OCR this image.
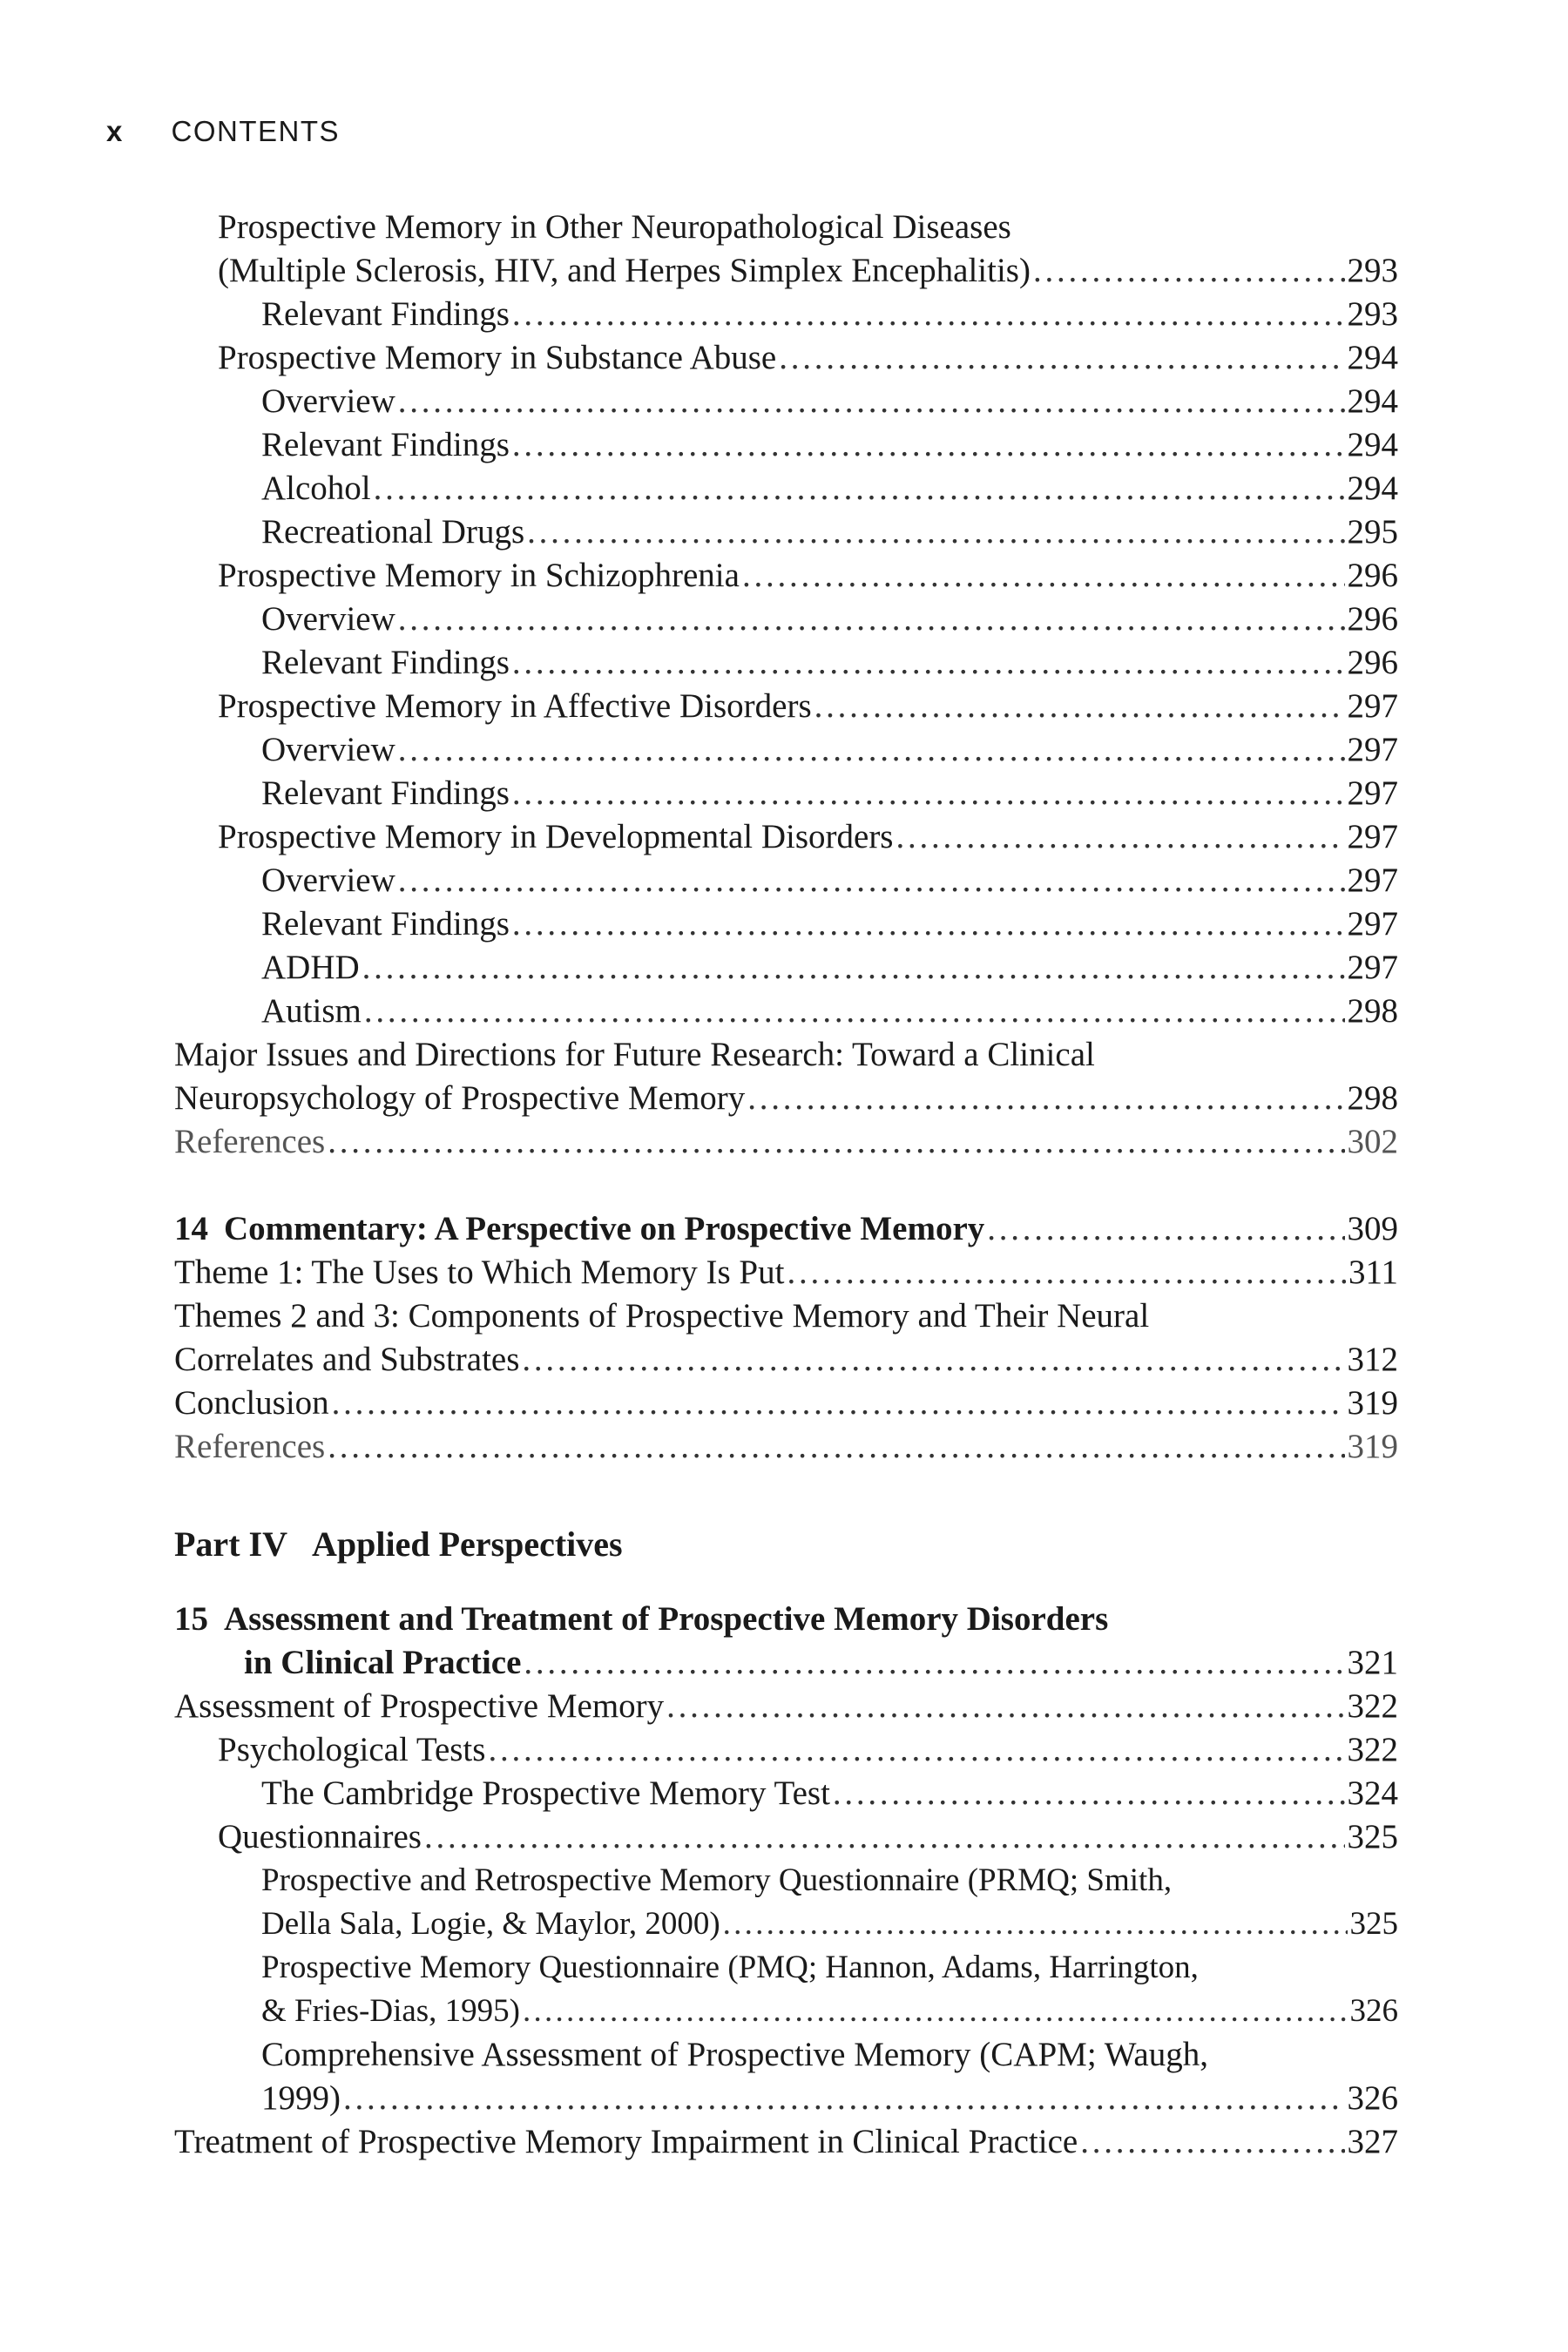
x CONTENTS
Prospective Memory in Other Neuropathological Diseases
(Multiple Sclerosis, HIV, and Herpes Simplex Encephalitis) . . .	293
Relevant Findings . . .	293
Prospective Memory in Substance Abuse . . .	294
Overview . . .	294
Relevant Findings . . .	294
Alcohol . . .	294
Recreational Drugs . . .	295
Prospective Memory in Schizophrenia . . .	296
Overview . . .	296
Relevant Findings . . .	296
Prospective Memory in Affective Disorders . . .	297
Overview . . .	297
Relevant Findings . . .	297
Prospective Memory in Developmental Disorders . . .	297
Overview . . .	297
Relevant Findings . . .	297
ADHD . . .	297
Autism . . .	298
Major Issues and Directions for Future Research: Toward a Clinical
Neuropsychology of Prospective Memory . . .	298
References . . .	302
14 Commentary: A Perspective on Prospective Memory . . .	309
Theme 1: The Uses to Which Memory Is Put . . .	311
Themes 2 and 3: Components of Prospective Memory and Their Neural
Correlates and Substrates . . .	312
Conclusion . . .	319
References . . .	319
Part IV Applied Perspectives
15 Assessment and Treatment of Prospective Memory Disorders
in Clinical Practice . . .	321
Assessment of Prospective Memory . . .	322
Psychological Tests . . .	322
The Cambridge Prospective Memory Test . . .	324
Questionnaires . . .	325
Prospective and Retrospective Memory Questionnaire (PRMQ; Smith,
Della Sala, Logie, & Maylor, 2000) . . .	325
Prospective Memory Questionnaire (PMQ; Hannon, Adams, Harrington,
& Fries-Dias, 1995) . . .	326
Comprehensive Assessment of Prospective Memory (CAPM; Waugh,
1999) . . .	326
Treatment of Prospective Memory Impairment in Clinical Practice . . .	327
